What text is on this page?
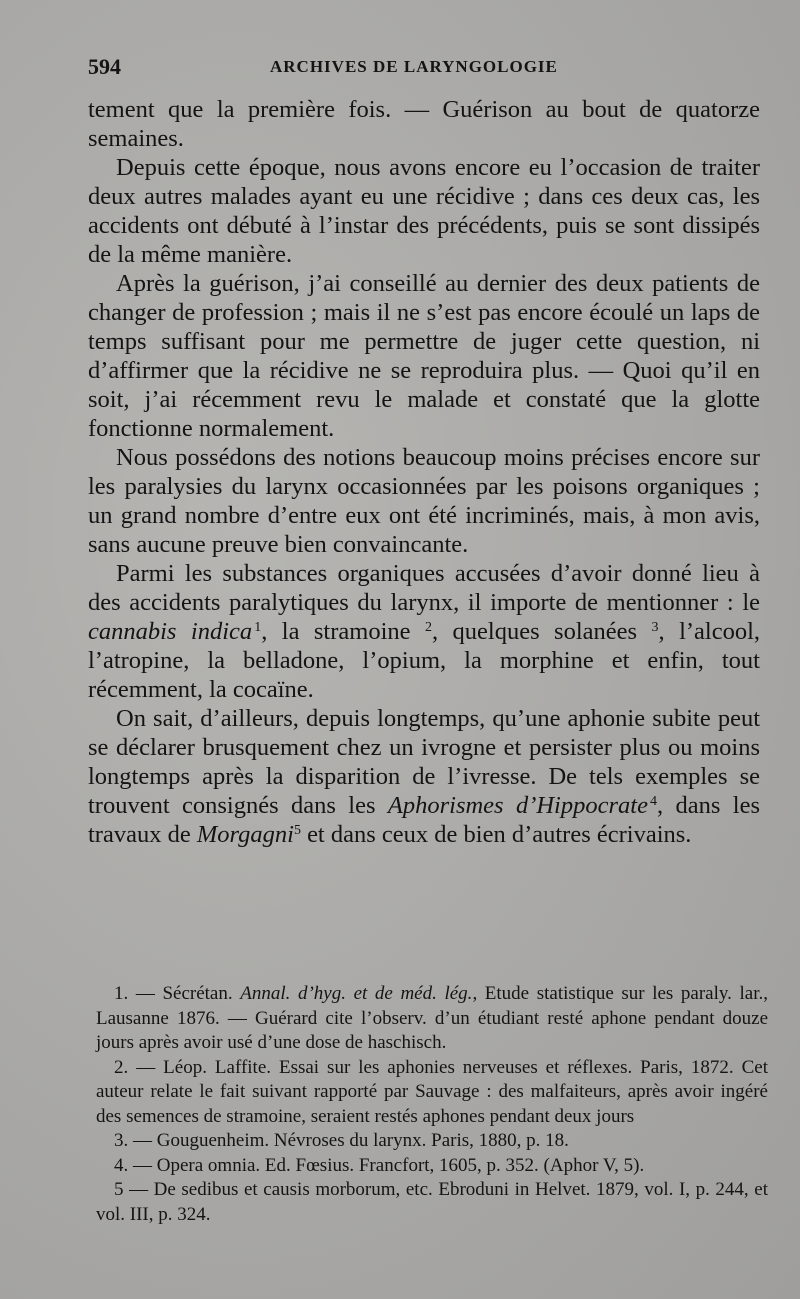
594	ARCHIVES DE LARYNGOLOGIE

tement que la première fois. — Guérison au bout de quatorze semaines.

Depuis cette époque, nous avons encore eu l’occasion de traiter deux autres malades ayant eu une récidive ; dans ces deux cas, les accidents ont débuté à l’instar des précédents, puis se sont dissipés de la même manière.

Après la guérison, j’ai conseillé au dernier des deux patients de changer de profession ; mais il ne s’est pas encore écoulé un laps de temps suffisant pour me permettre de juger cette question, ni d’affirmer que la récidive ne se reproduira plus. — Quoi qu’il en soit, j’ai récemment revu le malade et constaté que la glotte fonctionne normalement.

Nous possédons des notions beaucoup moins précises encore sur les paralysies du larynx occasionnées par les poisons organiques ; un grand nombre d’entre eux ont été incriminés, mais, à mon avis, sans aucune preuve bien convaincante.

Parmi les substances organiques accusées d’avoir donné lieu à des accidents paralytiques du larynx, il importe de mentionner : le cannabis indica  $^1$, la stramoine $^2$, quelques solanées $^3$, l’alcool, l’atropine, la belladone, l’opium, la morphine et enfin, tout récemment, la cocaïne.

On sait, d’ailleurs, depuis longtemps, qu’une aphonie subite peut se déclarer brusquement chez un ivrogne et persister plus ou moins longtemps après la disparition de l’ivresse. De tels exemples se trouvent consignés dans les Aphorismes d’Hippocrate  $^4$, dans les travaux de Morgagni$^5$ et dans ceux de bien d’autres écrivains.

1. — Sécrétan. Annal. d’hyg. et de méd. lég., Etude statistique sur les paraly. lar., Lausanne 1876. — Guérard cite l’observ. d’un étudiant resté aphone pendant douze jours après avoir usé d’une dose de haschisch.

2. — Léop. Laffite. Essai sur les aphonies nerveuses et réflexes. Paris, 1872. Cet auteur relate le fait suivant rapporté par Sauvage : des malfaiteurs, après avoir ingéré des semences de stramoine, seraient restés aphones pendant deux jours

3. — Gouguenheim. Névroses du larynx. Paris, 1880, p. 18.

4. — Opera omnia. Ed. Fœsius. Francfort, 1605, p. 352. (Aphor V, 5).

5 — De sedibus et causis morborum, etc. Ebroduni in Helvet. 1879, vol. I, p. 244, et vol. III, p. 324.
